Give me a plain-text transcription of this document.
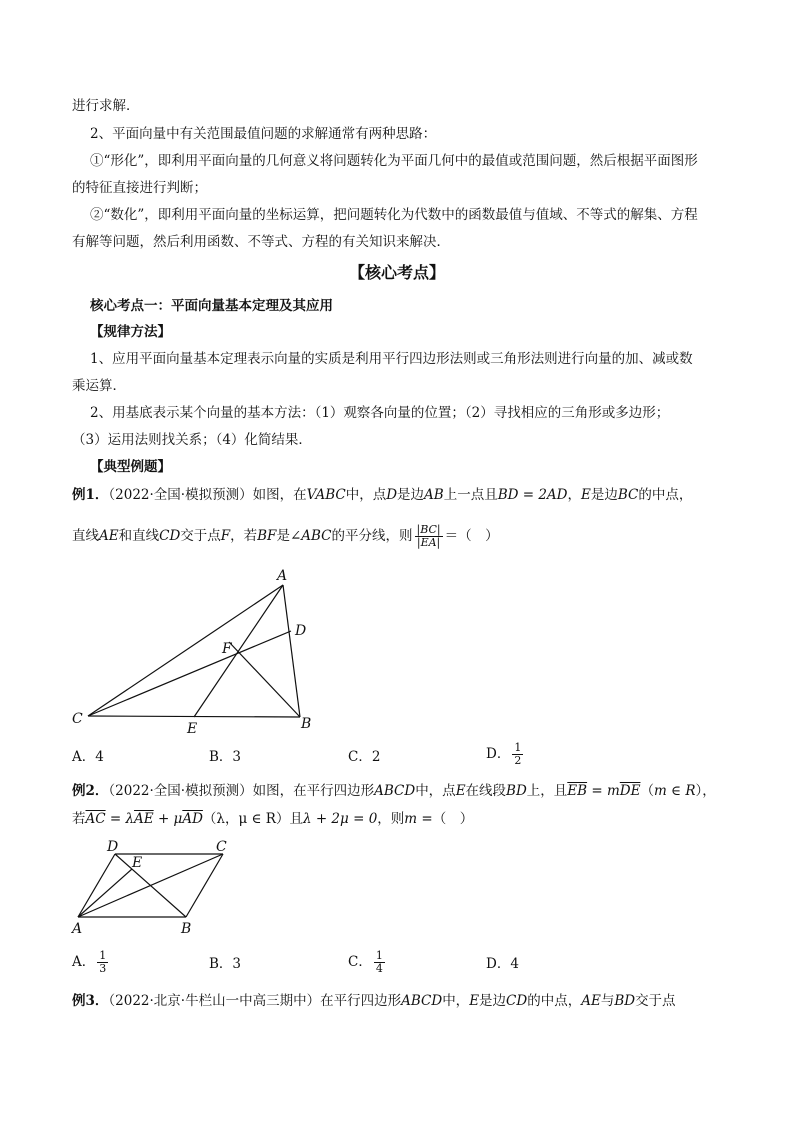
进行求解．
2、平面向量中有关范围最值问题的求解通常有两种思路：
①“形化”，即利用平面向量的几何意义将问题转化为平面几何中的最值或范围问题，然后根据平面图形
的特征直接进行判断；
②“数化”，即利用平面向量的坐标运算，把问题转化为代数中的函数最值与值域、不等式的解集、方程
有解等问题，然后利用函数、不等式、方程的有关知识来解决．
【核心考点】
核心考点一：平面向量基本定理及其应用
【规律方法】
1、应用平面向量基本定理表示向量的实质是利用平行四边形法则或三角形法则进行向量的加、减或数
乘运算．
2、用基底表示某个向量的基本方法：（1）观察各向量的位置；（2）寻找相应的三角形或多边形；
（3）运用法则找关系；（4）化简结果．
【典型例题】
例1．（2022·全国·模拟预测）如图，在VABC中，点D是边AB上一点且BD = 2AD，E是边BC的中点，
直线AE和直线CD交于点F，若BF是∠ABC的平分线，则 $\frac{|BC|}{|EA|}$ ＝（　）
A
D
F
C
E	B
A．4	B．3	C．2	D． $\frac{1}{2}$
例2．（2022·全国·模拟预测）如图，在平行四边形ABCD中，点E在线段BD上，且$\overline{EB} = m\overline{DE}(m$ ∈ R），
若$\overline{AC} = \lambda\overline{AE} + \mu\overline{AD}(\lambda$，μ ∈ R）且λ + 2μ = 0，则m =（　）
D
E
C
A	B
A． $\frac{1}{3}$	B．3	C． $\frac{1}{4}$	D．4
例3．（2022·北京·牛栏山一中高三期中）在平行四边形ABCD中，E是边CD的中点，AE与BD交于点
